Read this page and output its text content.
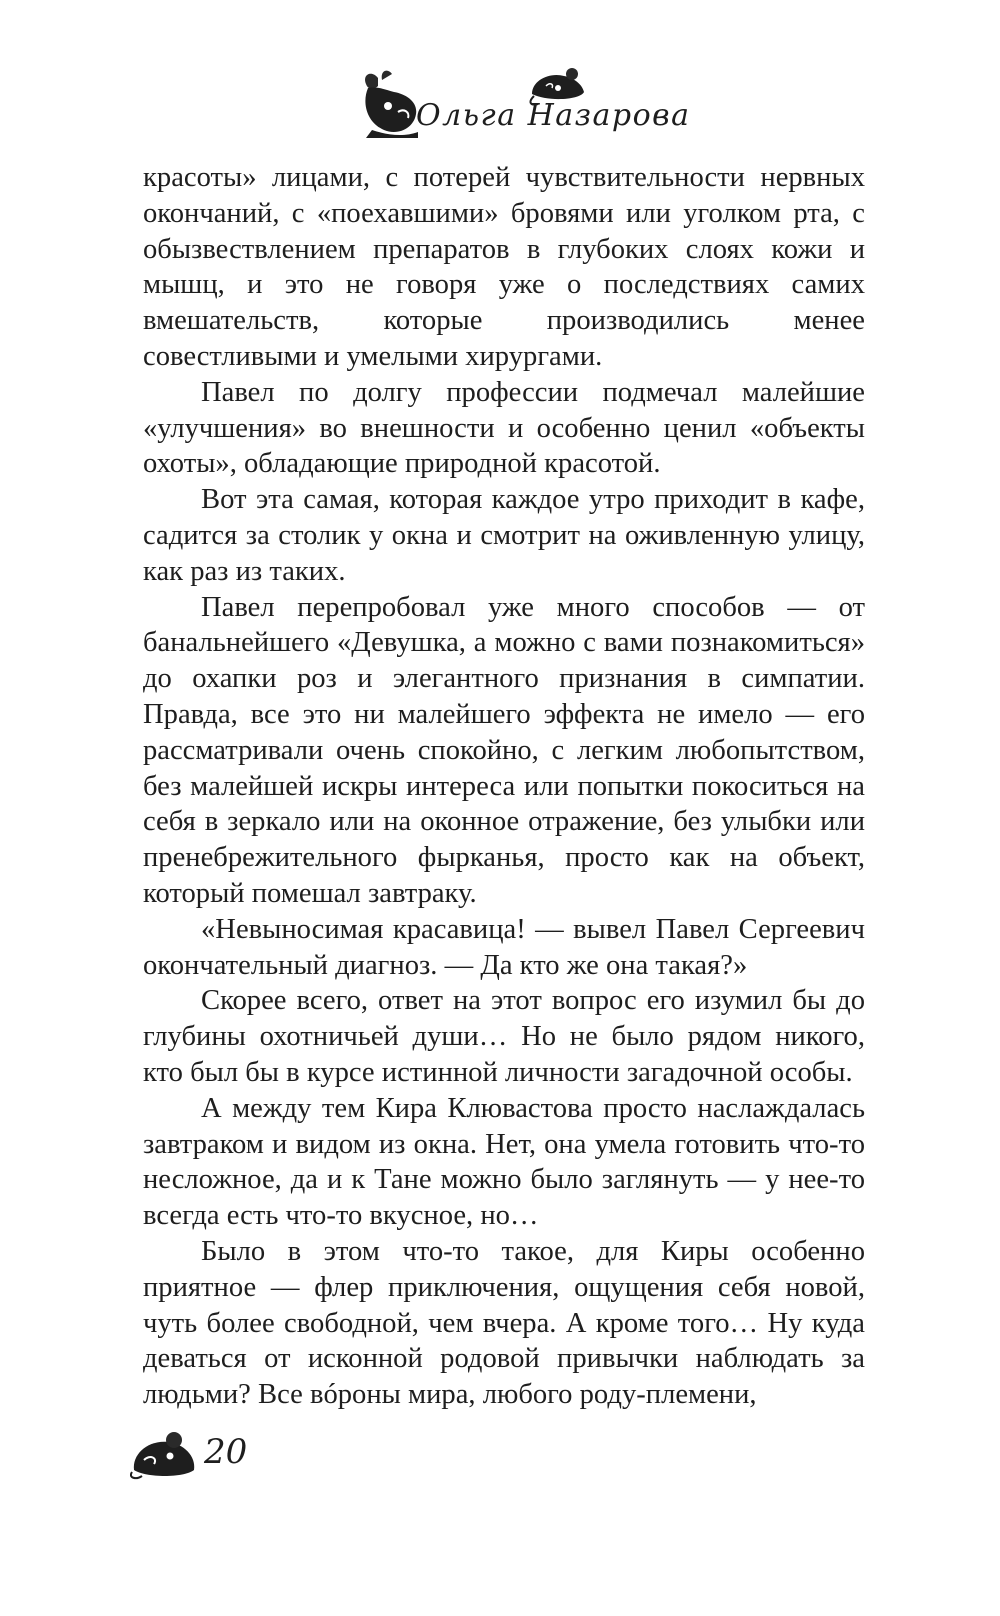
Ольга Назарова

красоты» лицами, с потерей чувствительности нервных окончаний, с «поехавшими» бровями или уголком рта, с обызвествлением препаратов в глубоких слоях кожи и мышц, и это не говоря уже о последствиях самих вмешательств, которые производились менее совестливыми и умелыми хирургами.

Павел по долгу профессии подмечал малейшие «улучшения» во внешности и особенно ценил «объекты охоты», обладающие природной красотой.

Вот эта самая, которая каждое утро приходит в кафе, садится за столик у окна и смотрит на оживленную улицу, как раз из таких.

Павел перепробовал уже много способов — от банальнейшего «Девушка, а можно с вами познакомиться» до охапки роз и элегантного признания в симпатии. Правда, все это ни малейшего эффекта не имело — его рассматривали очень спокойно, с легким любопытством, без малейшей искры интереса или попытки покоситься на себя в зеркало или на оконное отражение, без улыбки или пренебрежительного фырканья, просто как на объект, который помешал завтраку.

«Невыносимая красавица! — вывел Павел Сергеевич окончательный диагноз. — Да кто же она такая?»

Скорее всего, ответ на этот вопрос его изумил бы до глубины охотничьей души… Но не было рядом никого, кто был бы в курсе истинной личности загадочной особы.

А между тем Кира Клювастова просто наслаждалась завтраком и видом из окна. Нет, она умела готовить что-то несложное, да и к Тане можно было заглянуть — у нее-то всегда есть что-то вкусное, но…

Было в этом что-то такое, для Киры особенно приятное — флер приключения, ощущения себя новой, чуть более свободной, чем вчера. А кроме того… Ну куда деваться от исконной родовой привычки наблюдать за людьми? Все вóроны мира, любого роду-племени,

20
